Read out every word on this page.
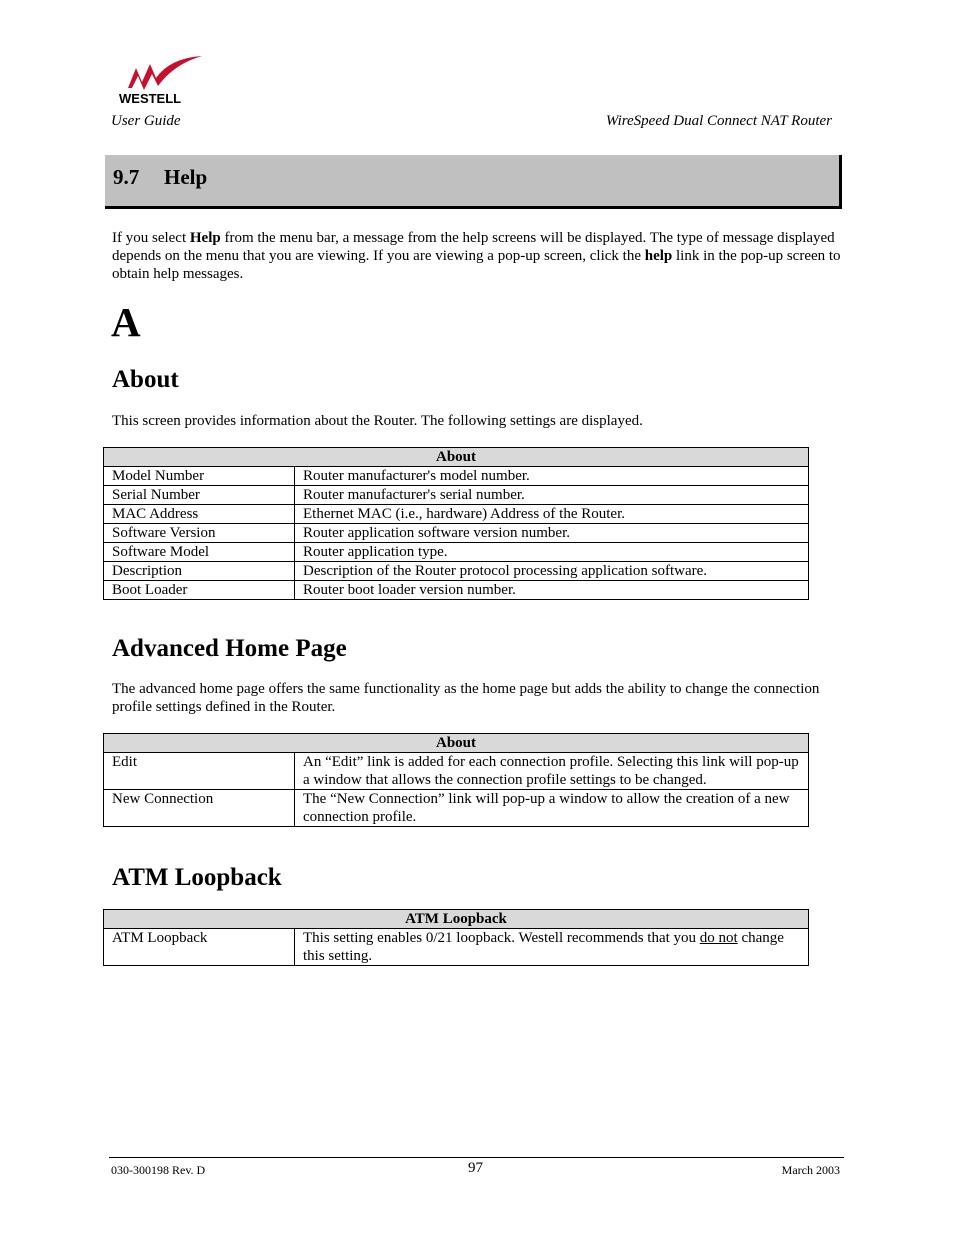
WESTELL
User Guide	WireSpeed Dual Connect NAT Router
9.7 Help
If you select Help from the menu bar, a message from the help screens will be displayed. The type of message displayed depends on the menu that you are viewing. If you are viewing a pop-up screen, click the help link in the pop-up screen to obtain help messages.
A
About
This screen provides information about the Router. The following settings are displayed.
About	
Model Number	Router manufacturer's model number.
Serial Number	Router manufacturer's serial number.
MAC Address	Ethernet MAC (i.e., hardware) Address of the Router.
Software Version	Router application software version number.
Software Model	Router application type.
Description	Description of the Router protocol processing application software.
Boot Loader	Router boot loader version number.
Advanced Home Page
The advanced home page offers the same functionality as the home page but adds the ability to change the connection profile settings defined in the Router.
About	
Edit	An “Edit” link is added for each connection profile. Selecting this link will pop-up a window that allows the connection profile settings to be changed.
New Connection	The “New Connection” link will pop-up a window to allow the creation of a new connection profile.
ATM Loopback
ATM Loopback
ATM Loopback	This setting enables 0/21 loopback. Westell recommends that you do not change this setting.
030-300198 Rev. D	97	March 2003
